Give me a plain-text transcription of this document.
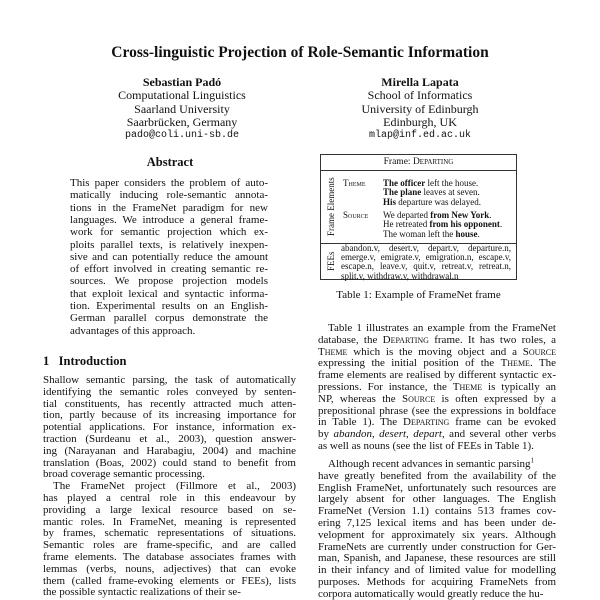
Cross-linguistic Projection of Role-Semantic Information
Sebastian Padó
Computational Linguistics
Saarland University
Saarbrücken, Germany
pado@coli.uni-sb.de
Mirella Lapata
School of Informatics
University of Edinburgh
Edinburgh, UK
mlap@inf.ed.ac.uk
Abstract
This paper considers the problem of auto-
matically inducing role-semantic annota-
tions in the FrameNet paradigm for new
languages. We introduce a general frame-
work for semantic projection which ex-
ploits parallel texts, is relatively inexpen-
sive and can potentially reduce the amount
of effort involved in creating semantic re-
sources. We propose projection models
that exploit lexical and syntactic informa-
tion. Experimental results on an English-
German parallel corpus demonstrate the
advantages of this approach.
1 Introduction
Shallow semantic parsing, the task of automatically
identifying the semantic roles conveyed by senten-
tial constituents, has recently attracted much atten-
tion, partly because of its increasing importance for
potential applications. For instance, information ex-
traction (Surdeanu et al., 2003), question answer-
ing (Narayanan and Harabagiu, 2004) and machine
translation (Boas, 2002) could stand to benefit from
broad coverage semantic processing.
The FrameNet project (Fillmore et al., 2003)
has played a central role in this endeavour by
providing a large lexical resource based on se-
mantic roles. In FrameNet, meaning is represented
by frames, schematic representations of situations.
Semantic roles are frame-specific, and are called
frame elements. The database associates frames with
lemmas (verbs, nouns, adjectives) that can evoke
them (called frame-evoking elements or FEEs), lists
the possible syntactic realizations of their se-
Frame: Departing
Frame Elements
FEEs
Theme The officer left the house.
The plane leaves at seven.
His departure was delayed.
Source We departed from New York.
He retreated from his opponent.
The woman left the house.
abandon.v, desert.v, depart.v, departure.n,
emerge.v, emigrate.v, emigration.n, escape.v,
escape.n, leave.v, quit.v, retreat.v, retreat.n,
split.v, withdraw.v, withdrawal.n
Table 1: Example of FrameNet frame
Table 1 illustrates an example from the FrameNet
database, the Departing frame. It has two roles, a
Theme which is the moving object and a Source
expressing the initial position of the Theme. The
frame elements are realised by different syntactic ex-
pressions. For instance, the Theme is typically an
NP, whereas the Source is often expressed by a
prepositional phrase (see the expressions in boldface
in Table 1). The Departing frame can be evoked
by abandon, desert, depart, and several other verbs
as well as nouns (see the list of FEEs in Table 1).
Although recent advances in semantic parsing$^1$
have greatly benefited from the availability of the
English FrameNet, unfortunately such resources are
largely absent for other languages. The English
FrameNet (Version 1.1) contains 513 frames cov-
ering 7,125 lexical items and has been under de-
velopment for approximately six years. Although
FrameNets are currently under construction for Ger-
man, Spanish, and Japanese, these resources are still
in their infancy and of limited value for modelling
purposes. Methods for acquiring FrameNets from
corpora automatically would greatly reduce the hu-
